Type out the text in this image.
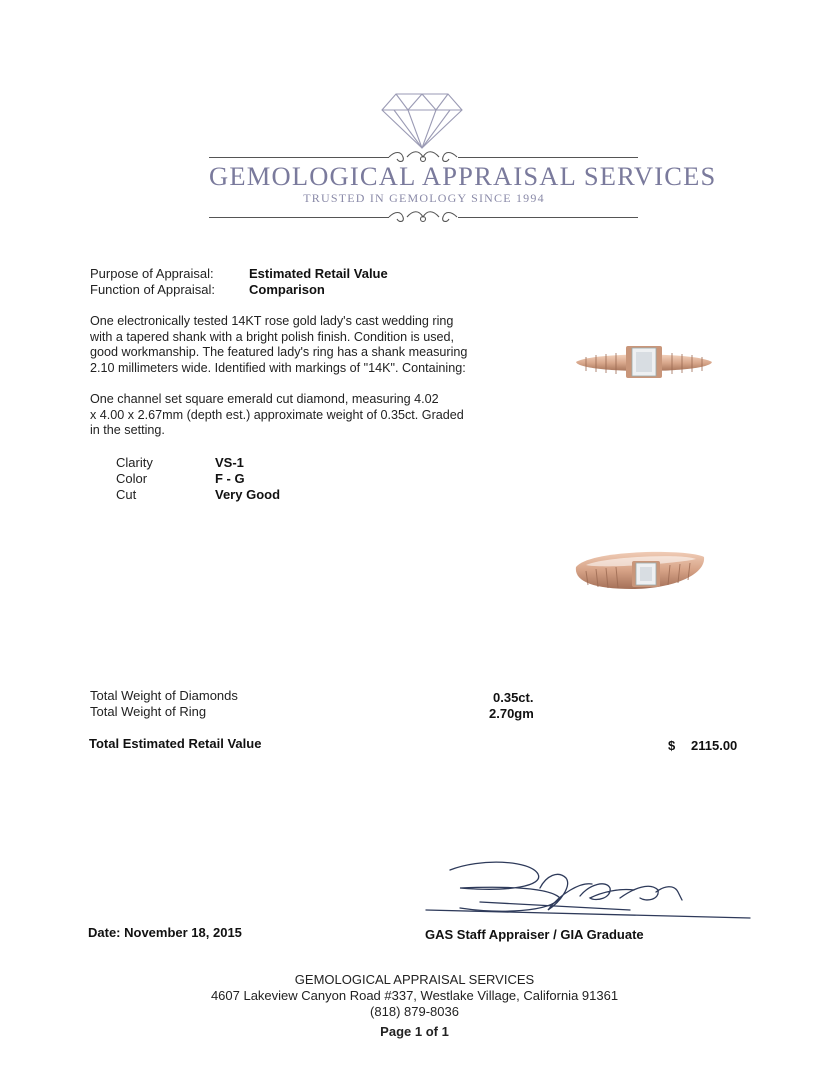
GEMOLOGICAL APPRAISAL SERVICES
TRUSTED IN GEMOLOGY SINCE 1994
Purpose of Appraisal:	Estimated Retail Value
Function of Appraisal:	Comparison
One electronically tested 14KT rose gold lady's cast wedding ring
with a tapered shank with a bright polish finish. Condition is used,
good workmanship. The featured lady's ring has a shank measuring
2.10 millimeters wide. Identified with markings of "14K". Containing:
One channel set square emerald cut diamond, measuring 4.02
x 4.00 x 2.67mm (depth est.) approximate weight of 0.35ct. Graded
in the setting.
Clarity	VS-1
Color	F - G
Cut	Very Good
Total Weight of Diamonds	0.35ct.
Total Weight of Ring	2.70gm
Total Estimated Retail Value	$ 2115.00
Date: November 18, 2015	GAS Staff Appraiser / GIA Graduate
GEMOLOGICAL APPRAISAL SERVICES
4607 Lakeview Canyon Road #337, Westlake Village, California 91361
(818) 879-8036
Page 1 of 1
